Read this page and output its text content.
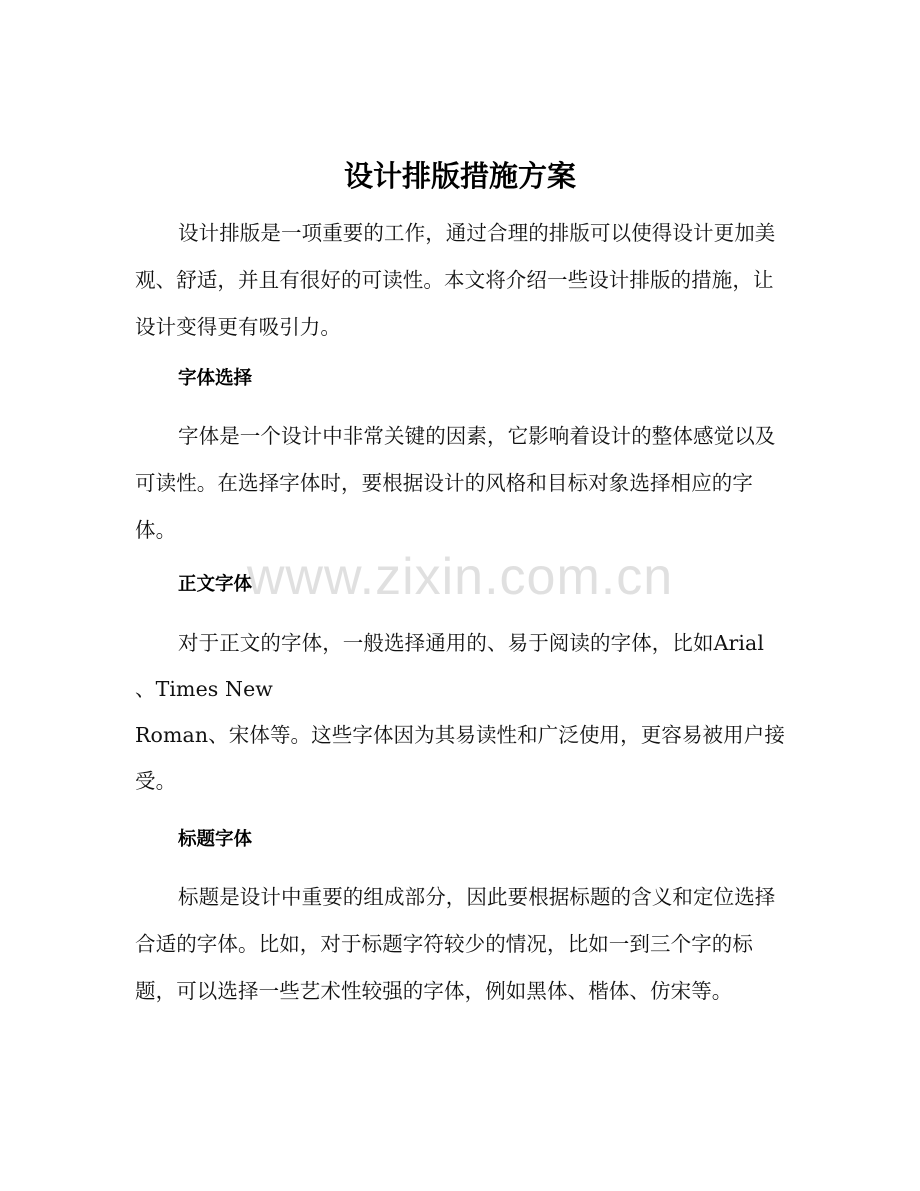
设计排版措施方案

设计排版是一项重要的工作，通过合理的排版可以使得设计更加美观、舒适，并且有很好的可读性。本文将介绍一些设计排版的措施，让设计变得更有吸引力。

字体选择

字体是一个设计中非常关键的因素，它影响着设计的整体感觉以及可读性。在选择字体时，要根据设计的风格和目标对象选择相应的字体。

正文字体

对于正文的字体，一般选择通用的、易于阅读的字体，比如Arial
、Times New
Roman、宋体等。这些字体因为其易读性和广泛使用，更容易被用户接受。

标题字体

标题是设计中重要的组成部分，因此要根据标题的含义和定位选择合适的字体。比如，对于标题字符较少的情况，比如一到三个字的标题，可以选择一些艺术性较强的字体，例如黑体、楷体、仿宋等。

www.zixin.com.cn
